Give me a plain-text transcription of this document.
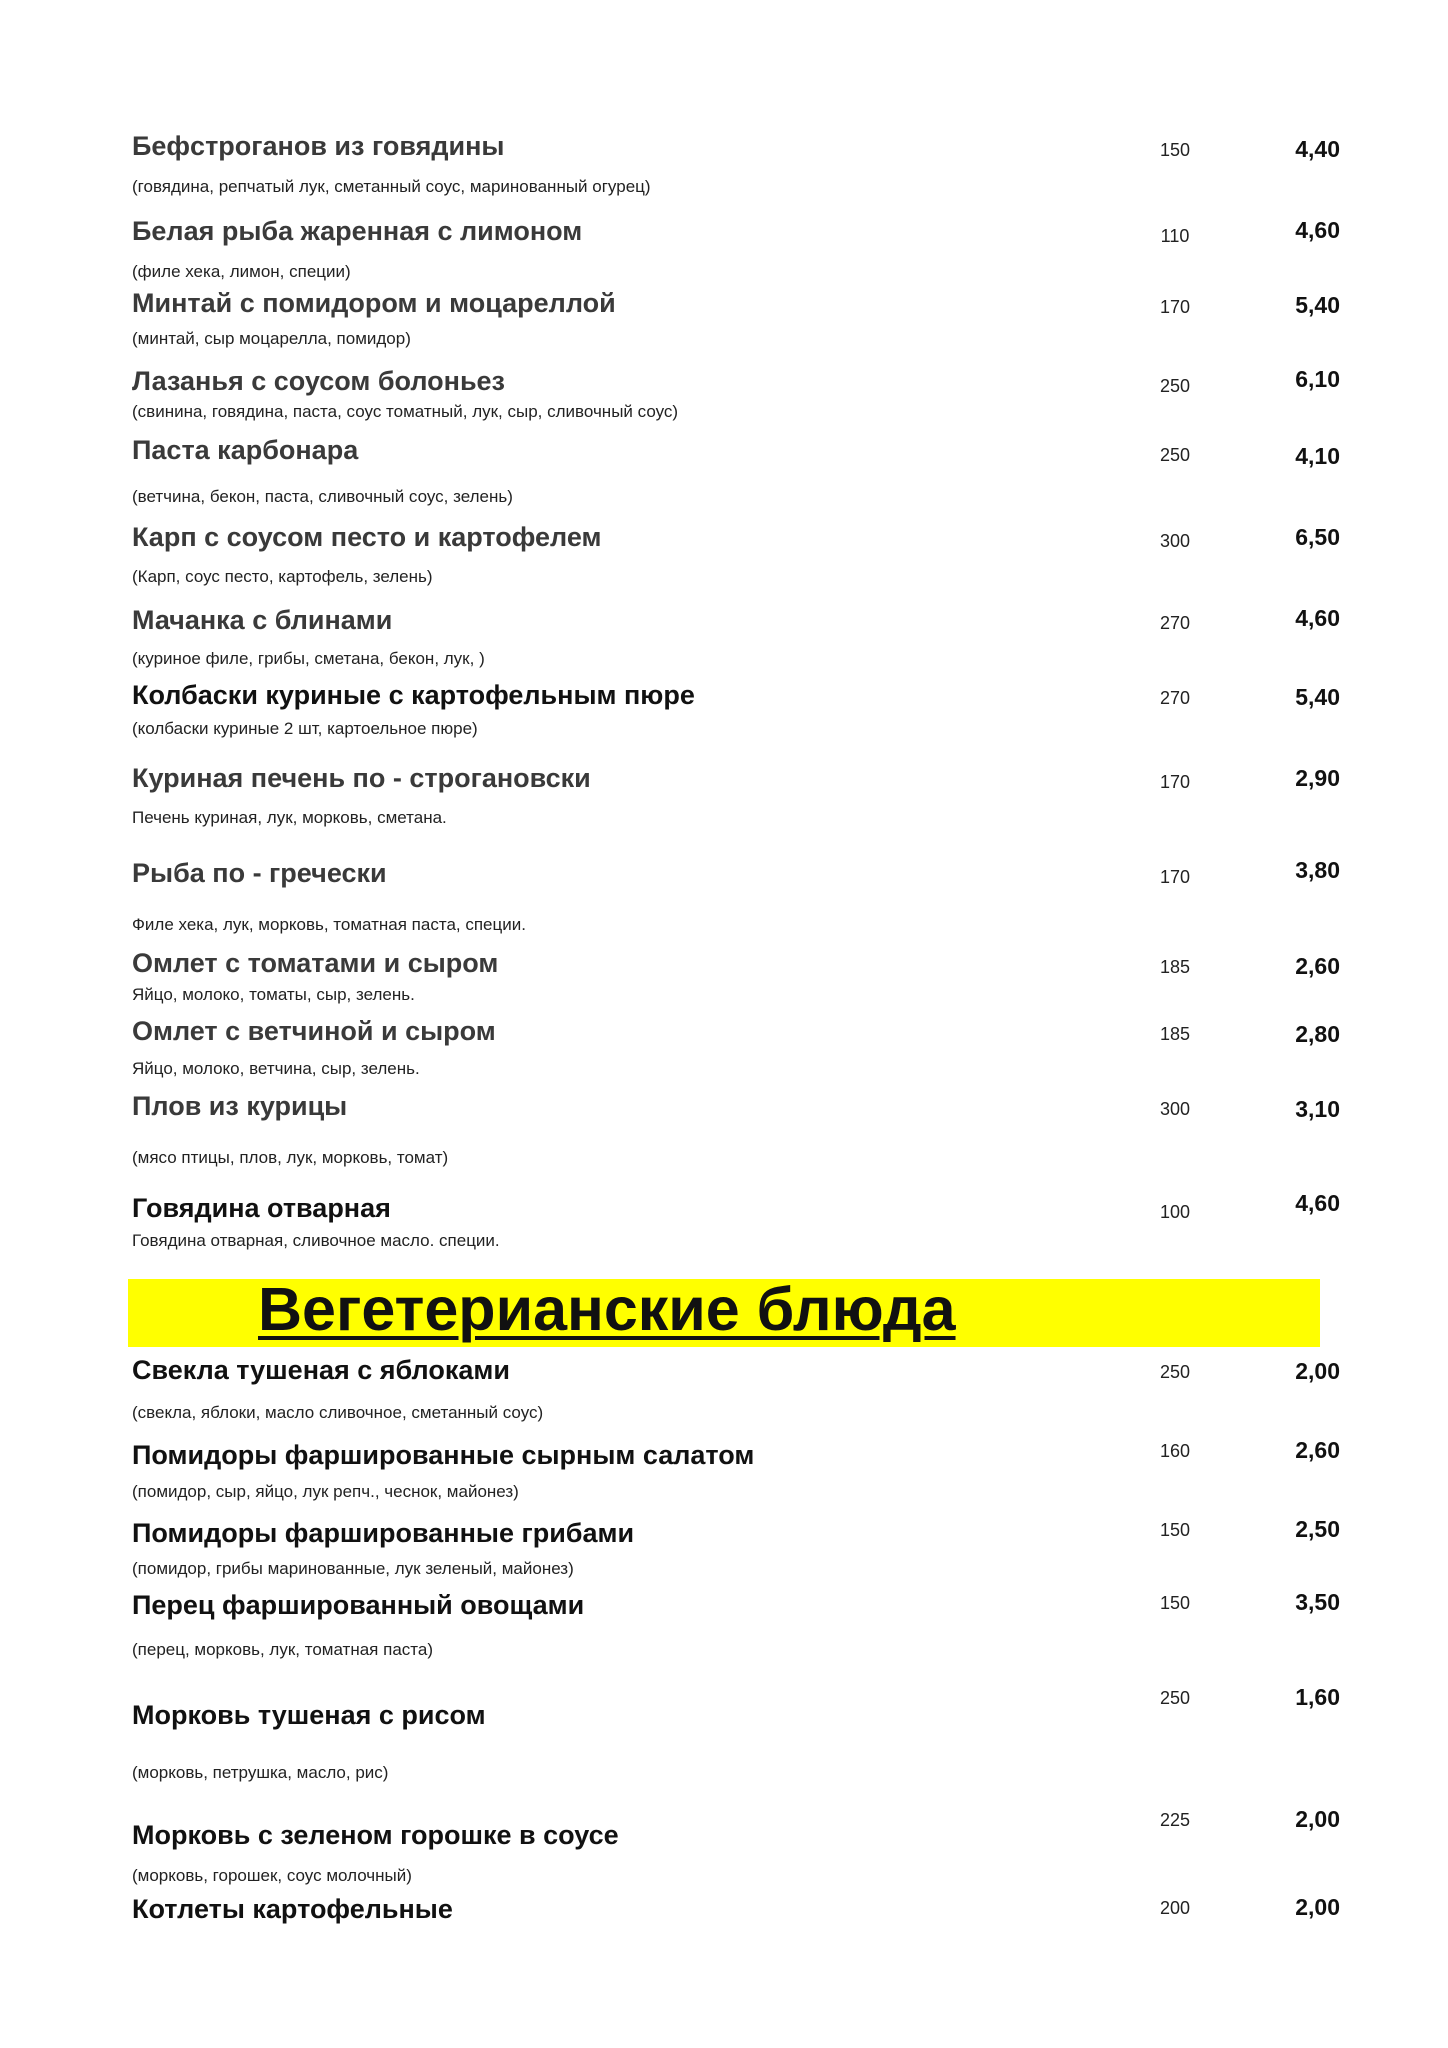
Бефстроганов из говядины
(говядина, репчатый лук, сметанный соус, маринованный огурец)
150	4,40
Белая рыба жаренная с лимоном
(филе хека, лимон, специи)
110	4,60
Минтай с помидором и моцареллой
(минтай, сыр моцарелла, помидор)
170	5,40
Лазанья с соусом болоньез
(свинина, говядина, паста, соус томатный, лук, сыр, сливочный соус)
250	6,10
Паста карбонара
(ветчина, бекон, паста, сливочный соус, зелень)
250	4,10
Карп с соусом песто и картофелем
(Карп, соус песто, картофель, зелень)
300	6,50
Мачанка с блинами
(куриное филе, грибы, сметана, бекон, лук, )
270	4,60
Колбаски куриные с картофельным пюре
(колбаски куриные 2 шт, картоельное пюре)
270	5,40
Куриная печень по - строгановски
Печень куриная, лук, морковь, сметана.
170	2,90
Рыба по - гречески
Филе хека, лук, морковь, томатная паста, специи.
170	3,80
Омлет с томатами и сыром
Яйцо, молоко, томаты, сыр, зелень.
185	2,60
Омлет с ветчиной и сыром
Яйцо, молоко, ветчина, сыр, зелень.
185	2,80
Плов из курицы
(мясо птицы, плов, лук, морковь, томат)
300	3,10
Говядина отварная
Говядина отварная, сливочное масло. специи.
100	4,60
Вегетерианские блюда
Свекла тушеная с яблоками
(свекла, яблоки, масло сливочное, сметанный соус)
250	2,00
Помидоры фаршированные сырным салатом
(помидор, сыр, яйцо, лук репч., чеснок, майонез)
160	2,60
Помидоры фаршированные грибами
(помидор, грибы маринованные, лук зеленый, майонез)
150	2,50
Перец фаршированный овощами
(перец, морковь, лук, томатная паста)
150	3,50
Морковь тушеная с рисом
(морковь, петрушка, масло, рис)
250	1,60
Морковь с зеленом горошке в соусе
(морковь, горошек, соус молочный)
225	2,00
Котлеты картофельные	200	2,00
